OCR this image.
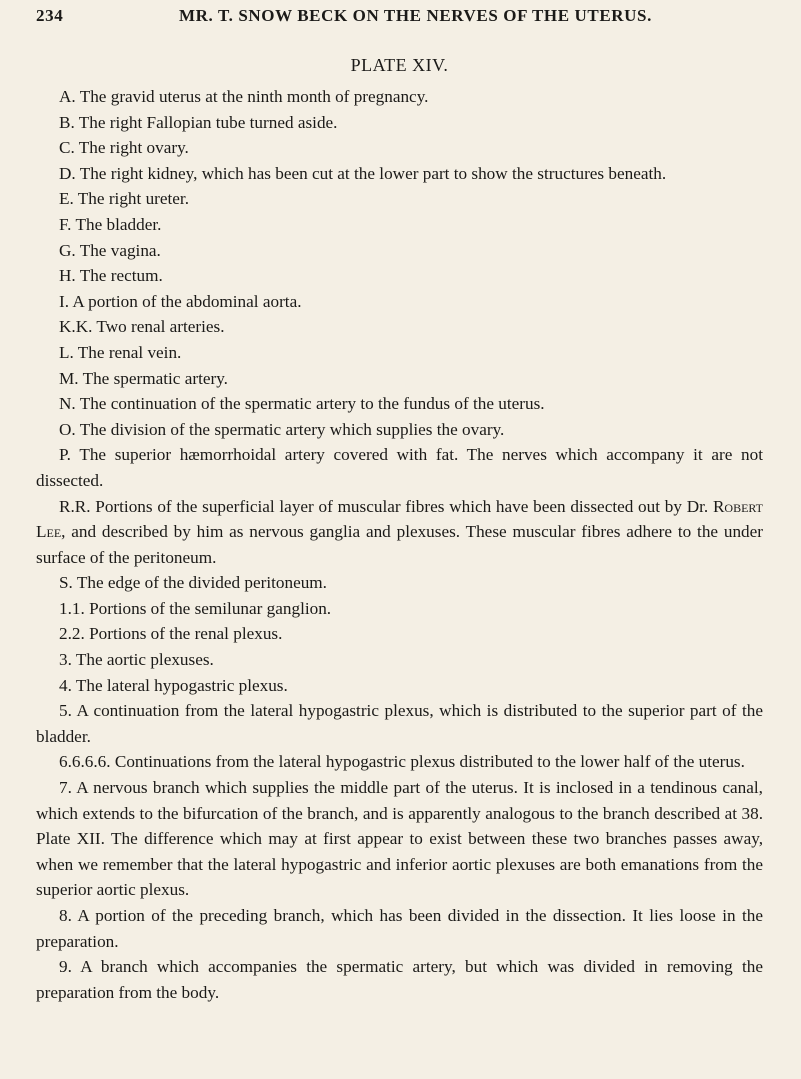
234	MR. T. SNOW BECK ON THE NERVES OF THE UTERUS.
PLATE XIV.

A. The gravid uterus at the ninth month of pregnancy.

B. The right Fallopian tube turned aside.

C. The right ovary.

D. The right kidney, which has been cut at the lower part to show the structures beneath.

E. The right ureter.

F. The bladder.

G. The vagina.

H. The rectum.

I. A portion of the abdominal aorta.

K.K. Two renal arteries.

L. The renal vein.

M. The spermatic artery.

N. The continuation of the spermatic artery to the fundus of the uterus.

O. The division of the spermatic artery which supplies the ovary.

P. The superior hæmorrhoidal artery covered with fat. The nerves which accompany it are not dissected.

R.R. Portions of the superficial layer of muscular fibres which have been dissected out by Dr. Robert Lee, and described by him as nervous ganglia and plexuses. These muscular fibres adhere to the under surface of the peritoneum.

S. The edge of the divided peritoneum.

1.1. Portions of the semilunar ganglion.

2.2. Portions of the renal plexus.

3. The aortic plexuses.

4. The lateral hypogastric plexus.

5. A continuation from the lateral hypogastric plexus, which is distributed to the superior part of the bladder.

6.6.6.6. Continuations from the lateral hypogastric plexus distributed to the lower half of the uterus.

7. A nervous branch which supplies the middle part of the uterus. It is inclosed in a tendinous canal, which extends to the bifurcation of the branch, and is apparently analogous to the branch described at 38. Plate XII. The difference which may at first appear to exist between these two branches passes away, when we remember that the lateral hypogastric and inferior aortic plexuses are both emanations from the superior aortic plexus.

8. A portion of the preceding branch, which has been divided in the dissection. It lies loose in the preparation.

9. A branch which accompanies the spermatic artery, but which was divided in removing the preparation from the body.
